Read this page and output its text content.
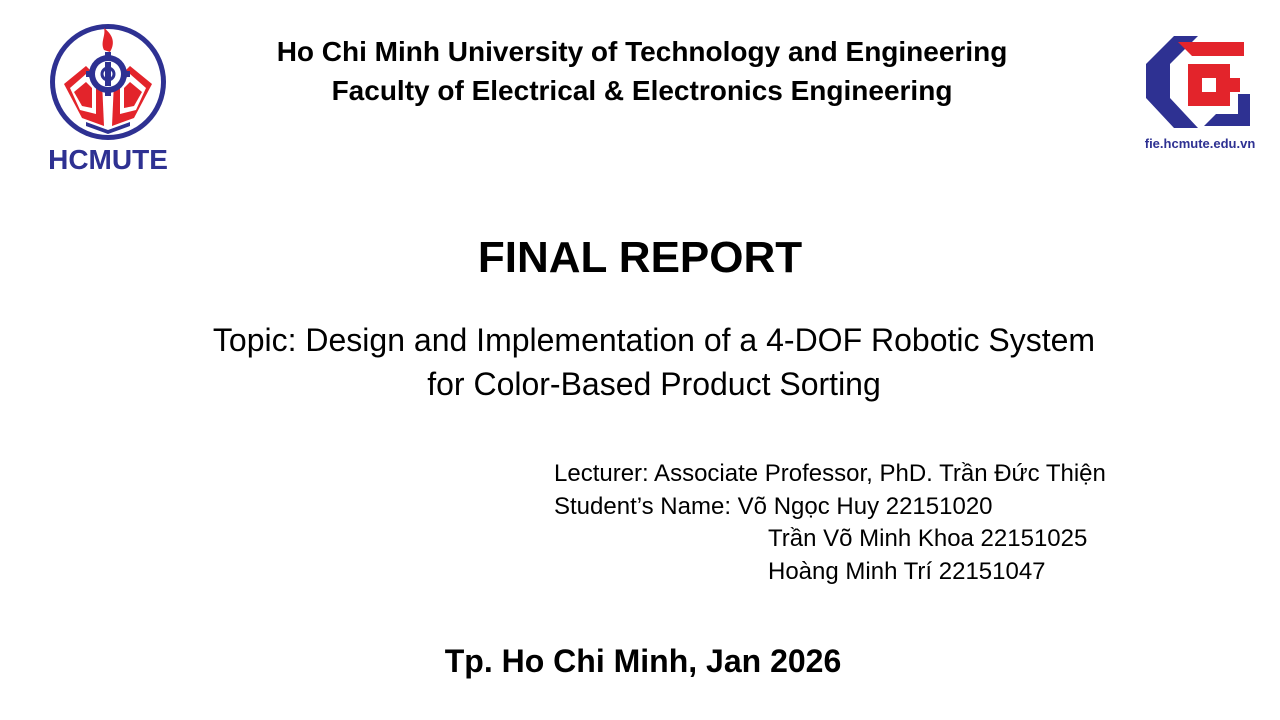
HCMUTE
Ho Chi Minh University of Technology and Engineering
Faculty of Electrical & Electronics Engineering
fie.hcmute.edu.vn
FINAL REPORT
Topic: Design and Implementation of a 4-DOF Robotic System
for Color-Based Product Sorting
Lecturer: Associate Professor, PhD. Trần Đức Thiện
Student’s Name: Võ Ngọc Huy 22151020
Trần Võ Minh Khoa 22151025
Hoàng Minh Trí 22151047
Tp. Ho Chi Minh, Jan 2026
